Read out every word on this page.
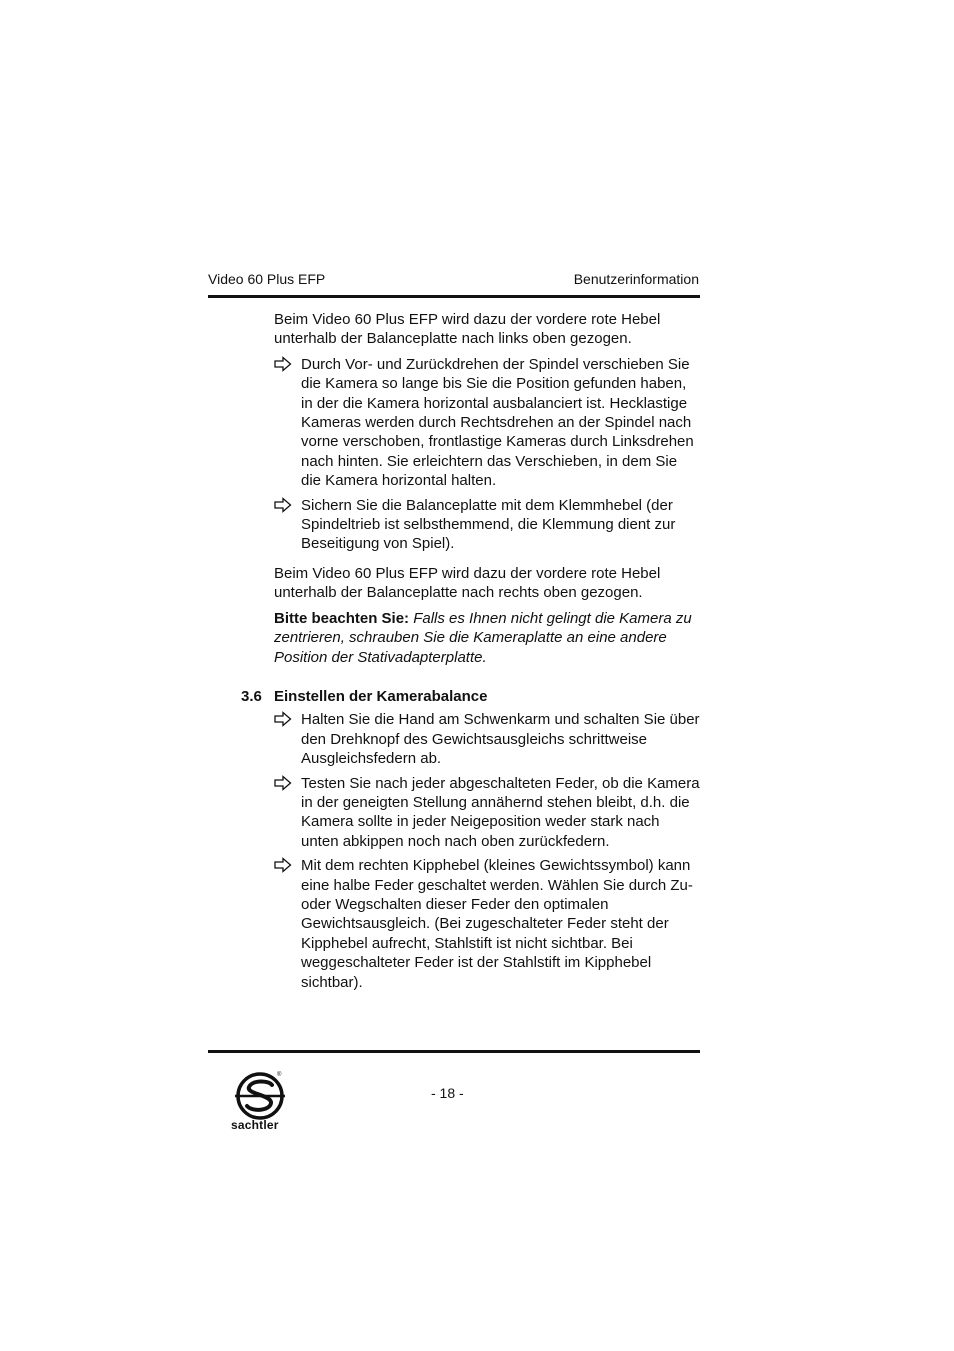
Video 60 Plus EFP	Benutzerinformation

Beim Video 60 Plus EFP wird dazu der vordere rote Hebel unterhalb der Balanceplatte nach links oben gezogen.

Durch Vor- und Zurückdrehen der Spindel verschieben Sie die Kamera so lange bis Sie die Position gefunden haben, in der die Kamera horizontal ausbalanciert ist. Hecklastige Kameras werden durch Rechtsdrehen an der Spindel nach vorne verschoben, frontlastige Kameras durch Linksdrehen nach hinten. Sie erleichtern das Verschieben, in dem Sie die Kamera horizontal halten.
Sichern Sie die Balanceplatte mit dem Klemmhebel (der Spindeltrieb ist selbsthemmend, die Klemmung dient zur Beseitigung von Spiel).

Beim Video 60 Plus EFP wird dazu der vordere rote Hebel unterhalb der Balanceplatte nach rechts oben gezogen.

Bitte beachten Sie: Falls es Ihnen nicht gelingt die Kamera zu zentrieren, schrauben Sie die Kameraplatte an eine andere Position der Stativadapterplatte.

3.6 Einstellen der Kamerabalance
Halten Sie die Hand am Schwenkarm und schalten Sie über den Drehknopf des Gewichtsausgleichs schrittweise Ausgleichsfedern ab.
Testen Sie nach jeder abgeschalteten Feder, ob die Kamera in der geneigten Stellung annähernd stehen bleibt, d.h. die Kamera sollte in jeder Neigeposition weder stark nach unten abkippen noch nach oben zurückfedern.
Mit dem rechten Kipphebel (kleines Gewichtssymbol) kann eine halbe Feder geschaltet werden. Wählen Sie durch Zu- oder Wegschalten dieser Feder den optimalen Gewichtsausgleich. (Bei zugeschalteter Feder steht der Kipphebel aufrecht, Stahlstift ist nicht sichtbar. Bei weggeschalteter Feder ist der Stahlstift im Kipphebel sichtbar).
®
sachtler
- 18 -
